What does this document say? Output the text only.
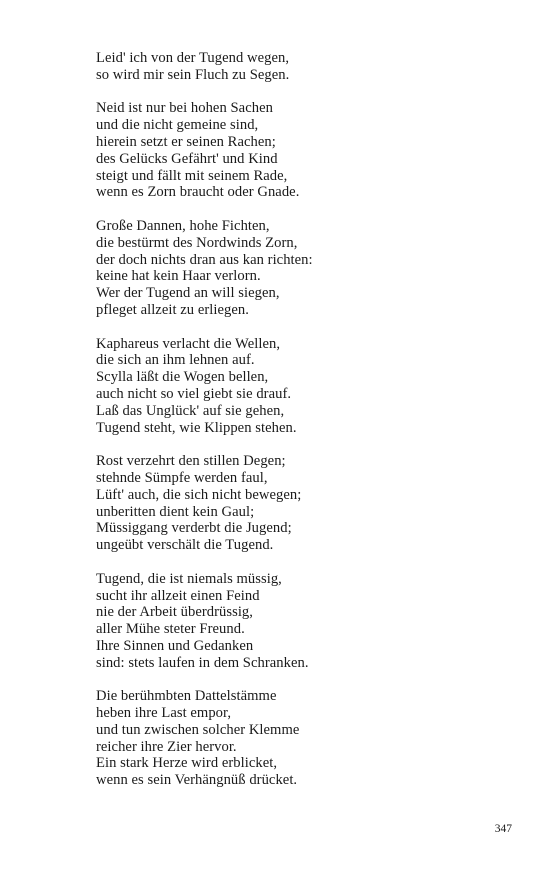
Leid' ich von der Tugend wegen,
so wird mir sein Fluch zu Segen.
Neid ist nur bei hohen Sachen
und die nicht gemeine sind,
hierein setzt er seinen Rachen;
des Gelücks Gefährt' und Kind
steigt und fällt mit seinem Rade,
wenn es Zorn braucht oder Gnade.
Große Dannen, hohe Fichten,
die bestürmt des Nordwinds Zorn,
der doch nichts dran aus kan richten:
keine hat kein Haar verlorn.
Wer der Tugend an will siegen,
pfleget allzeit zu erliegen.
Kaphareus verlacht die Wellen,
die sich an ihm lehnen auf.
Scylla läßt die Wogen bellen,
auch nicht so viel giebt sie drauf.
Laß das Unglück' auf sie gehen,
Tugend steht, wie Klippen stehen.
Rost verzehrt den stillen Degen;
stehnde Sümpfe werden faul,
Lüft' auch, die sich nicht bewegen;
unberitten dient kein Gaul;
Müssiggang verderbt die Jugend;
ungeübt verschält die Tugend.
Tugend, die ist niemals müssig,
sucht ihr allzeit einen Feind
nie der Arbeit überdrüssig,
aller Mühe steter Freund.
Ihre Sinnen und Gedanken
sind: stets laufen in dem Schranken.
Die berühmbten Dattelstämme
heben ihre Last empor,
und tun zwischen solcher Klemme
reicher ihre Zier hervor.
Ein stark Herze wird erblicket,
wenn es sein Verhängnüß drücket.
347
